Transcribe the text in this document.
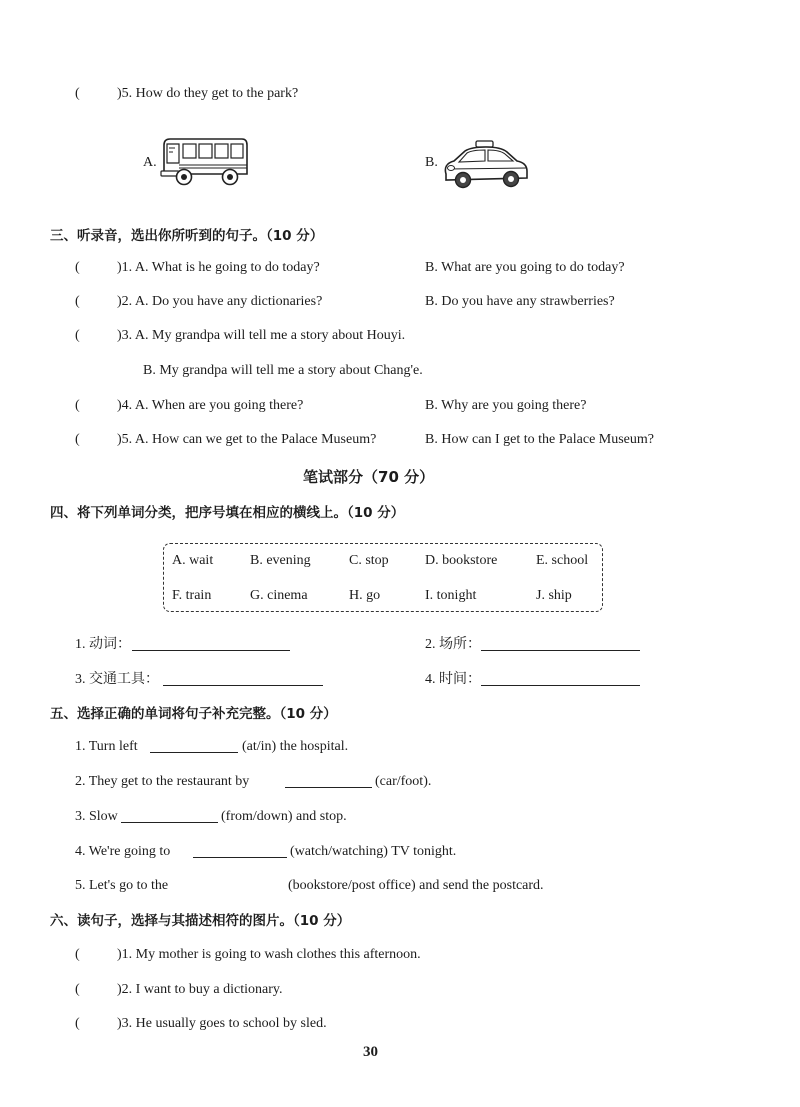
(	)5. How do they get to the park?
A.	B.
三、听录音，选出你所听到的句子。（10 分）
(	)1. A. What is he going to do today?	B. What are you going to do today?
(	)2. A. Do you have any dictionaries?	B. Do you have any strawberries?
(	)3. A. My grandpa will tell me a story about Houyi.
B. My grandpa will tell me a story about Chang'e.
(	)4. A. When are you going there?	B. Why are you going there?
(	)5. A. How can we get to the Palace Museum?	B. How can I get to the Palace Museum?
笔试部分（70 分）
四、将下列单词分类，把序号填在相应的横线上。（10 分）
A. wait	B. evening	C. stop	D. bookstore	E. school
F. train	G. cinema	H. go	I. tonight	J. ship
1. 动词：	2. 场所：
3. 交通工具：	4. 时间：
五、选择正确的单词将句子补充完整。（10 分）
1. Turn left	(at/in) the hospital.
2. They get to the restaurant by	(car/foot).
3. Slow	(from/down) and stop.
4. We're going to	(watch/watching) TV tonight.
5. Let's go to the	(bookstore/post office) and send the postcard.
六、读句子，选择与其描述相符的图片。（10 分）
(	)1. My mother is going to wash clothes this afternoon.
(	)2. I want to buy a dictionary.
(	)3. He usually goes to school by sled.
30
